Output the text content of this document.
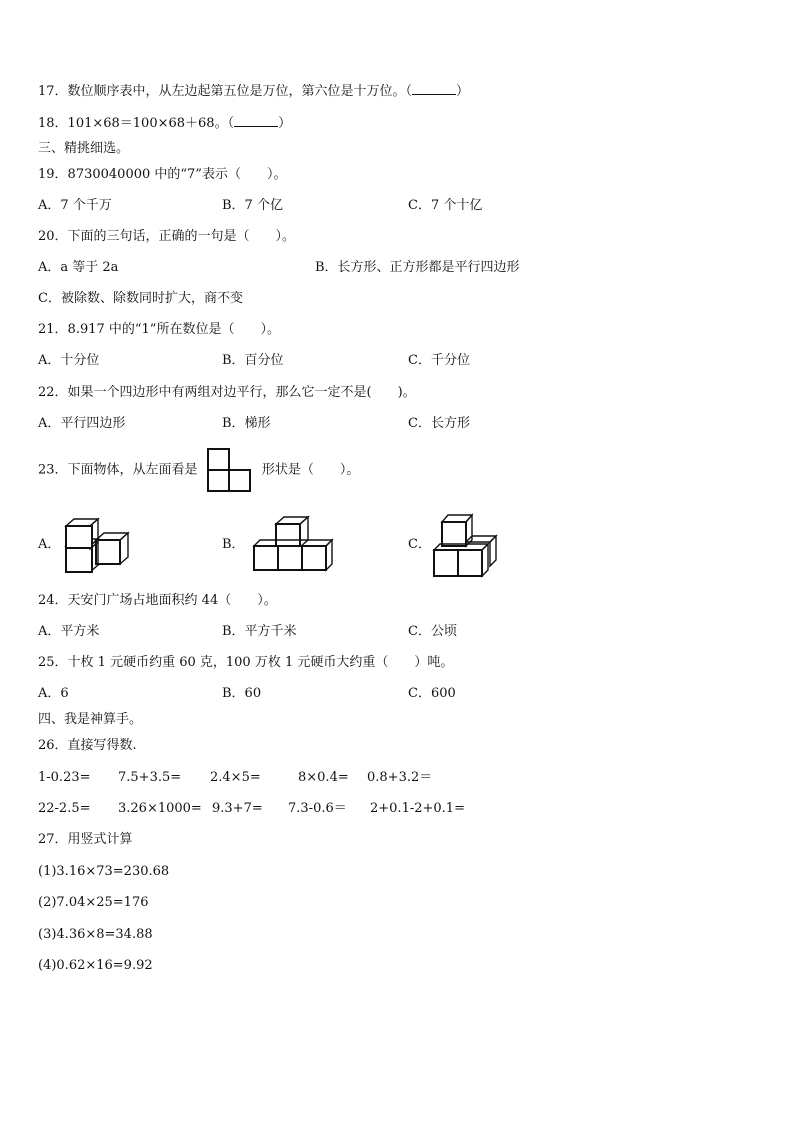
17．数位顺序表中，从左边起第五位是万位，第六位是十万位。（	）
18．101×68＝100×68＋68。（	）
三、精挑细选。
19．8730040000 中的“7”表示（　　）。
A．7 个千万	B．7 个亿	C．7 个十亿
20．下面的三句话，正确的一句是（　　）。
A．a 等于 2a	B．长方形、正方形都是平行四边形
C．被除数、除数同时扩大，商不变
21．8.917 中的“1”所在数位是（　　）。
A．十分位	B．百分位	C．千分位
22．如果一个四边形中有两组对边平行，那么它一定不是(　　)。
A．平行四边形	B．梯形	C．长方形
23．下面物体，从左面看是	形状是（　　）。
A．	B．	C．
24．天安门广场占地面积约 44（　　）。
A．平方米	B．平方千米	C．公顷
25．十枚 1 元硬币约重 60 克，100 万枚 1 元硬币大约重（　　）吨。
A．6	B．60	C．600
四、我是神算手。
26．直接写得数.
1-0.23= 7.5+3.5= 2.4×5=	8×0.4= 0.8+3.2＝
22-2.5= 3.26×1000= 9.3+7= 7.3-0.6＝ 2+0.1-2+0.1=
27．用竖式计算
(1)3.16×73=230.68
(2)7.04×25=176
(3)4.36×8=34.88
(4)0.62×16=9.92
